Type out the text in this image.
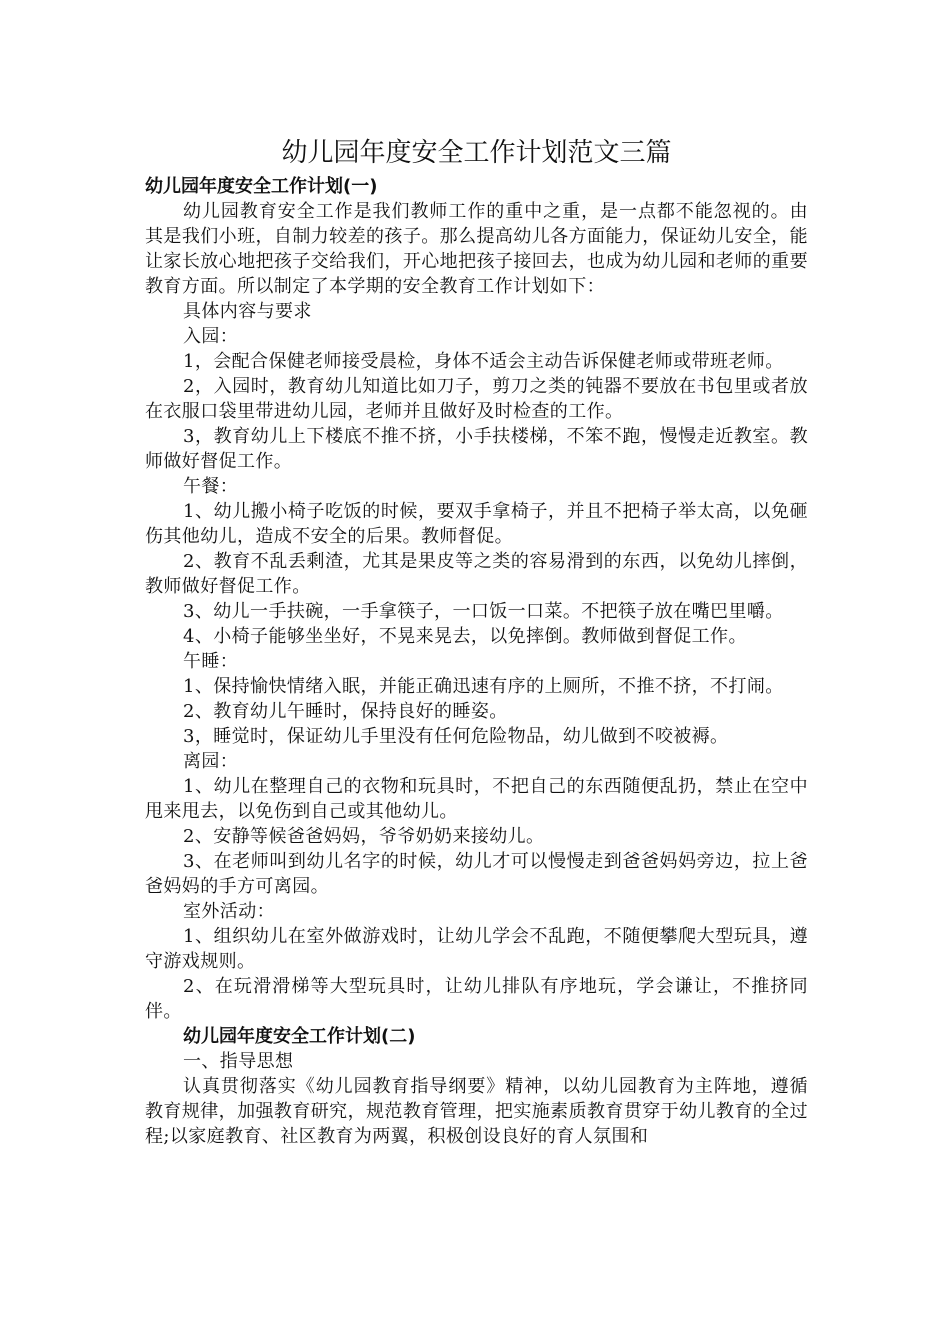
幼儿园年度安全工作计划范文三篇
幼儿园年度安全工作计划(一)

幼儿园教育安全工作是我们教师工作的重中之重，是一点都不能忽视的。由其是我们小班，自制力较差的孩子。那么提高幼儿各方面能力，保证幼儿安全，能让家长放心地把孩子交给我们，开心地把孩子接回去，也成为幼儿园和老师的重要教育方面。所以制定了本学期的安全教育工作计划如下：

具体内容与要求

入园：

1，会配合保健老师接受晨检，身体不适会主动告诉保健老师或带班老师。

2，入园时，教育幼儿知道比如刀子，剪刀之类的钝器不要放在书包里或者放在衣服口袋里带进幼儿园，老师并且做好及时检查的工作。

3，教育幼儿上下楼底不推不挤，小手扶楼梯，不笨不跑，慢慢走近教室。教师做好督促工作。

午餐：

1、幼儿搬小椅子吃饭的时候，要双手拿椅子，并且不把椅子举太高，以免砸伤其他幼儿，造成不安全的后果。教师督促。

2、教育不乱丢剩渣，尤其是果皮等之类的容易滑到的东西，以免幼儿摔倒，教师做好督促工作。

3、幼儿一手扶碗，一手拿筷子，一口饭一口菜。不把筷子放在嘴巴里嚼。

4、小椅子能够坐坐好，不晃来晃去，以免摔倒。教师做到督促工作。

午睡：

1、保持愉快情绪入眠，并能正确迅速有序的上厕所，不推不挤，不打闹。

2、教育幼儿午睡时，保持良好的睡姿。

3，睡觉时，保证幼儿手里没有任何危险物品，幼儿做到不咬被褥。

离园：

1、幼儿在整理自己的衣物和玩具时，不把自己的东西随便乱扔，禁止在空中甩来甩去，以免伤到自己或其他幼儿。

2、安静等候爸爸妈妈，爷爷奶奶来接幼儿。

3、在老师叫到幼儿名字的时候，幼儿才可以慢慢走到爸爸妈妈旁边，拉上爸爸妈妈的手方可离园。

室外活动：

1、组织幼儿在室外做游戏时，让幼儿学会不乱跑，不随便攀爬大型玩具，遵守游戏规则。

2、在玩滑滑梯等大型玩具时，让幼儿排队有序地玩，学会谦让，不推挤同伴。

幼儿园年度安全工作计划(二)

一、指导思想

认真贯彻落实《幼儿园教育指导纲要》精神，以幼儿园教育为主阵地，遵循教育规律，加强教育研究，规范教育管理，把实施素质教育贯穿于幼儿教育的全过程;以家庭教育、社区教育为两翼，积极创设良好的育人氛围和
